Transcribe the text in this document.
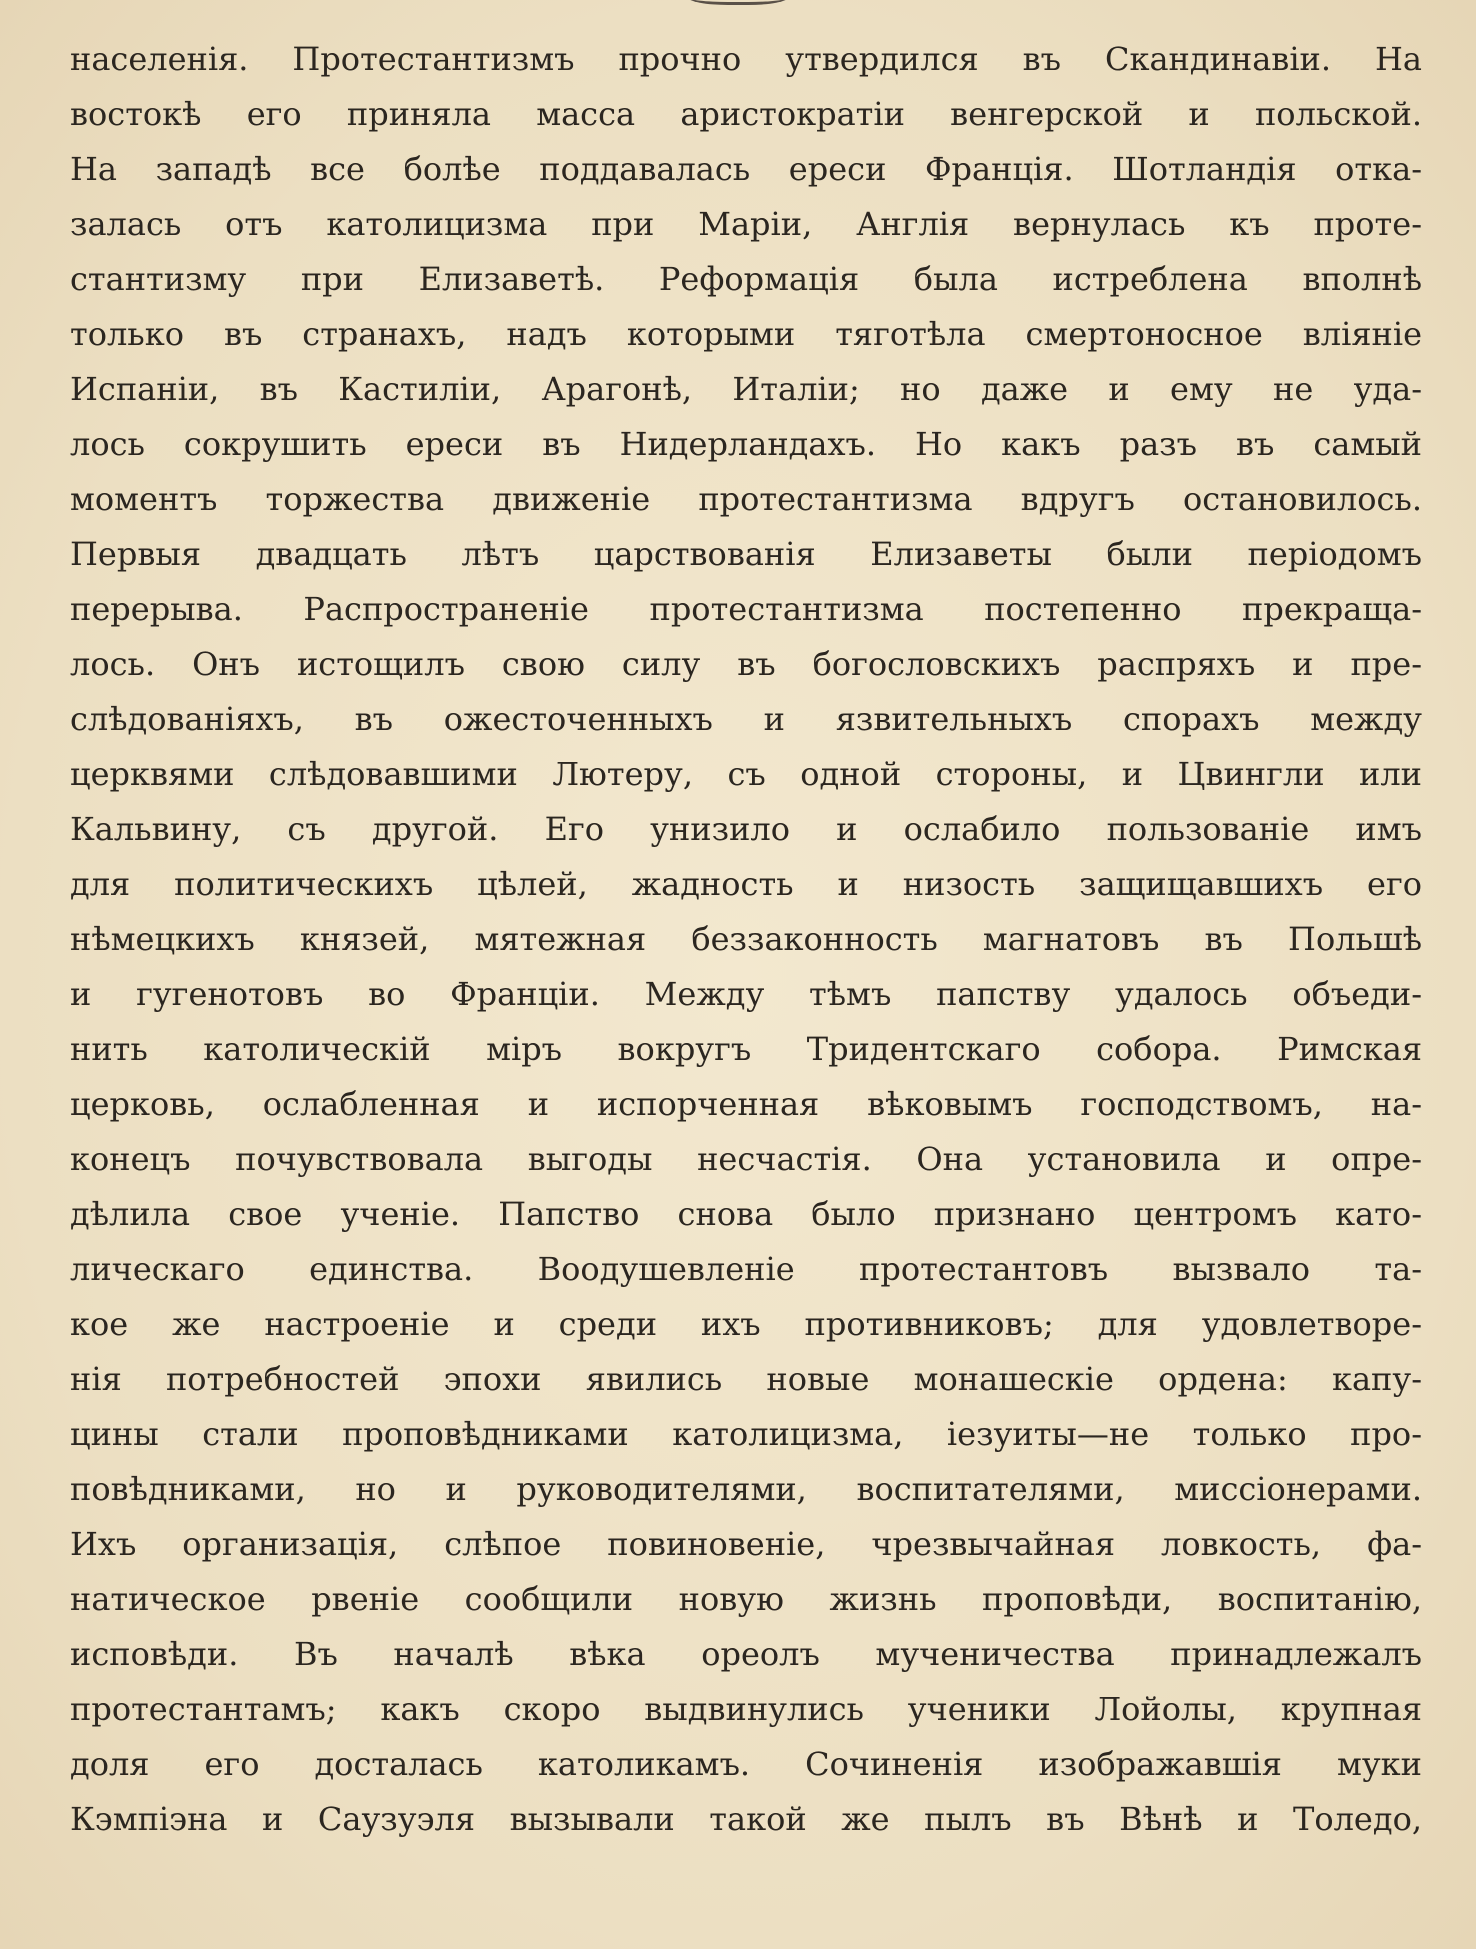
населенія. Протестантизмъ прочно утвердился въ Скандинавіи. На
востокѣ его приняла масса аристократіи венгерской и польской.
На западѣ все болѣе поддавалась ереси Франція. Шотландія отка-
залась отъ католицизма при Маріи, Англія вернулась къ проте-
стантизму при Елизаветѣ. Реформація была истреблена вполнѣ
только въ странахъ, надъ которыми тяготѣла смертоносное вліяніе
Испаніи, въ Кастиліи, Арагонѣ, Италіи; но даже и ему не уда-
лось сокрушить ереси въ Нидерландахъ. Но какъ разъ въ самый
моментъ торжества движеніе протестантизма вдругъ остановилось.
Первыя двадцать лѣтъ царствованія Елизаветы были періодомъ
перерыва. Распространеніе протестантизма постепенно прекраща-
лось. Онъ истощилъ свою силу въ богословскихъ распряхъ и пре-
слѣдованіяхъ, въ ожесточенныхъ и язвительныхъ спорахъ между
церквями слѣдовавшими Лютеру, съ одной стороны, и Цвингли или
Кальвину, съ другой. Его унизило и ослабило пользованіе имъ
для политическихъ цѣлей, жадность и низость защищавшихъ его
нѣмецкихъ князей, мятежная беззаконность магнатовъ въ Польшѣ
и гугенотовъ во Франціи. Между тѣмъ папству удалось объеди-
нить католическій міръ вокругъ Тридентскаго собора. Римская
церковь, ослабленная и испорченная вѣковымъ господствомъ, на-
конецъ почувствовала выгоды несчастія. Она установила и опре-
дѣлила свое ученіе. Папство снова было признано центромъ като-
лическаго единства. Воодушевленіе протестантовъ вызвало та-
кое же настроеніе и среди ихъ противниковъ; для удовлетворе-
нія потребностей эпохи явились новые монашескіе ордена: капу-
цины стали проповѣдниками католицизма, іезуиты—не только про-
повѣдниками, но и руководителями, воспитателями, миссіонерами.
Ихъ организація, слѣпое повиновеніе, чрезвычайная ловкость, фа-
натическое рвеніе сообщили новую жизнь проповѣди, воспитанію,
исповѣди. Въ началѣ вѣка ореолъ мученичества принадлежалъ
протестантамъ; какъ скоро выдвинулись ученики Лойолы, крупная
доля его досталась католикамъ. Сочиненія изображавшія муки
Кэмпіэна и Саузуэля вызывали такой же пылъ въ Вѣнѣ и Толедо,
